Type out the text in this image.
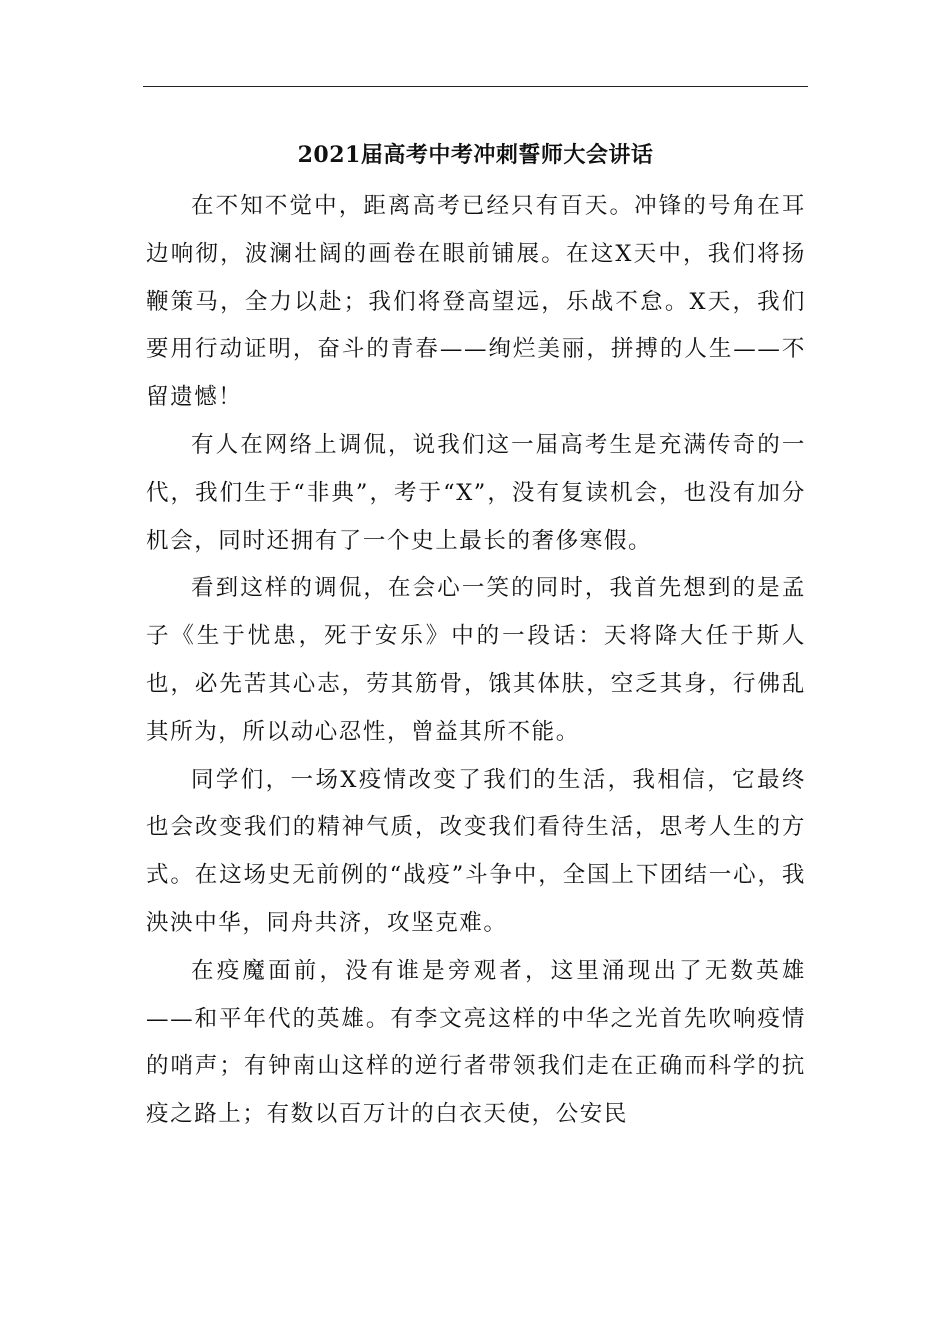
2021届高考中考冲刺誓师大会讲话

在不知不觉中，距离高考已经只有百天。冲锋的号角在耳边响彻，波澜壮阔的画卷在眼前铺展。在这X天中，我们将扬鞭策马，全力以赴；我们将登高望远，乐战不怠。X天，我们要用行动证明，奋斗的青春——绚烂美丽，拼搏的人生——不留遗憾！

有人在网络上调侃，说我们这一届高考生是充满传奇的一代，我们生于“非典”，考于“X”，没有复读机会，也没有加分机会，同时还拥有了一个史上最长的奢侈寒假。

看到这样的调侃，在会心一笑的同时，我首先想到的是孟子《生于忧患，死于安乐》中的一段话：天将降大任于斯人也，必先苦其心志，劳其筋骨，饿其体肤，空乏其身，行佛乱其所为，所以动心忍性，曾益其所不能。

同学们，一场X疫情改变了我们的生活，我相信，它最终也会改变我们的精神气质，改变我们看待生活，思考人生的方式。在这场史无前例的“战疫”斗争中，全国上下团结一心，我泱泱中华，同舟共济，攻坚克难。

在疫魔面前，没有谁是旁观者，这里涌现出了无数英雄——和平年代的英雄。有李文亮这样的中华之光首先吹响疫情的哨声；有钟南山这样的逆行者带领我们走在正确而科学的抗疫之路上；有数以百万计的白衣天使，公安民
